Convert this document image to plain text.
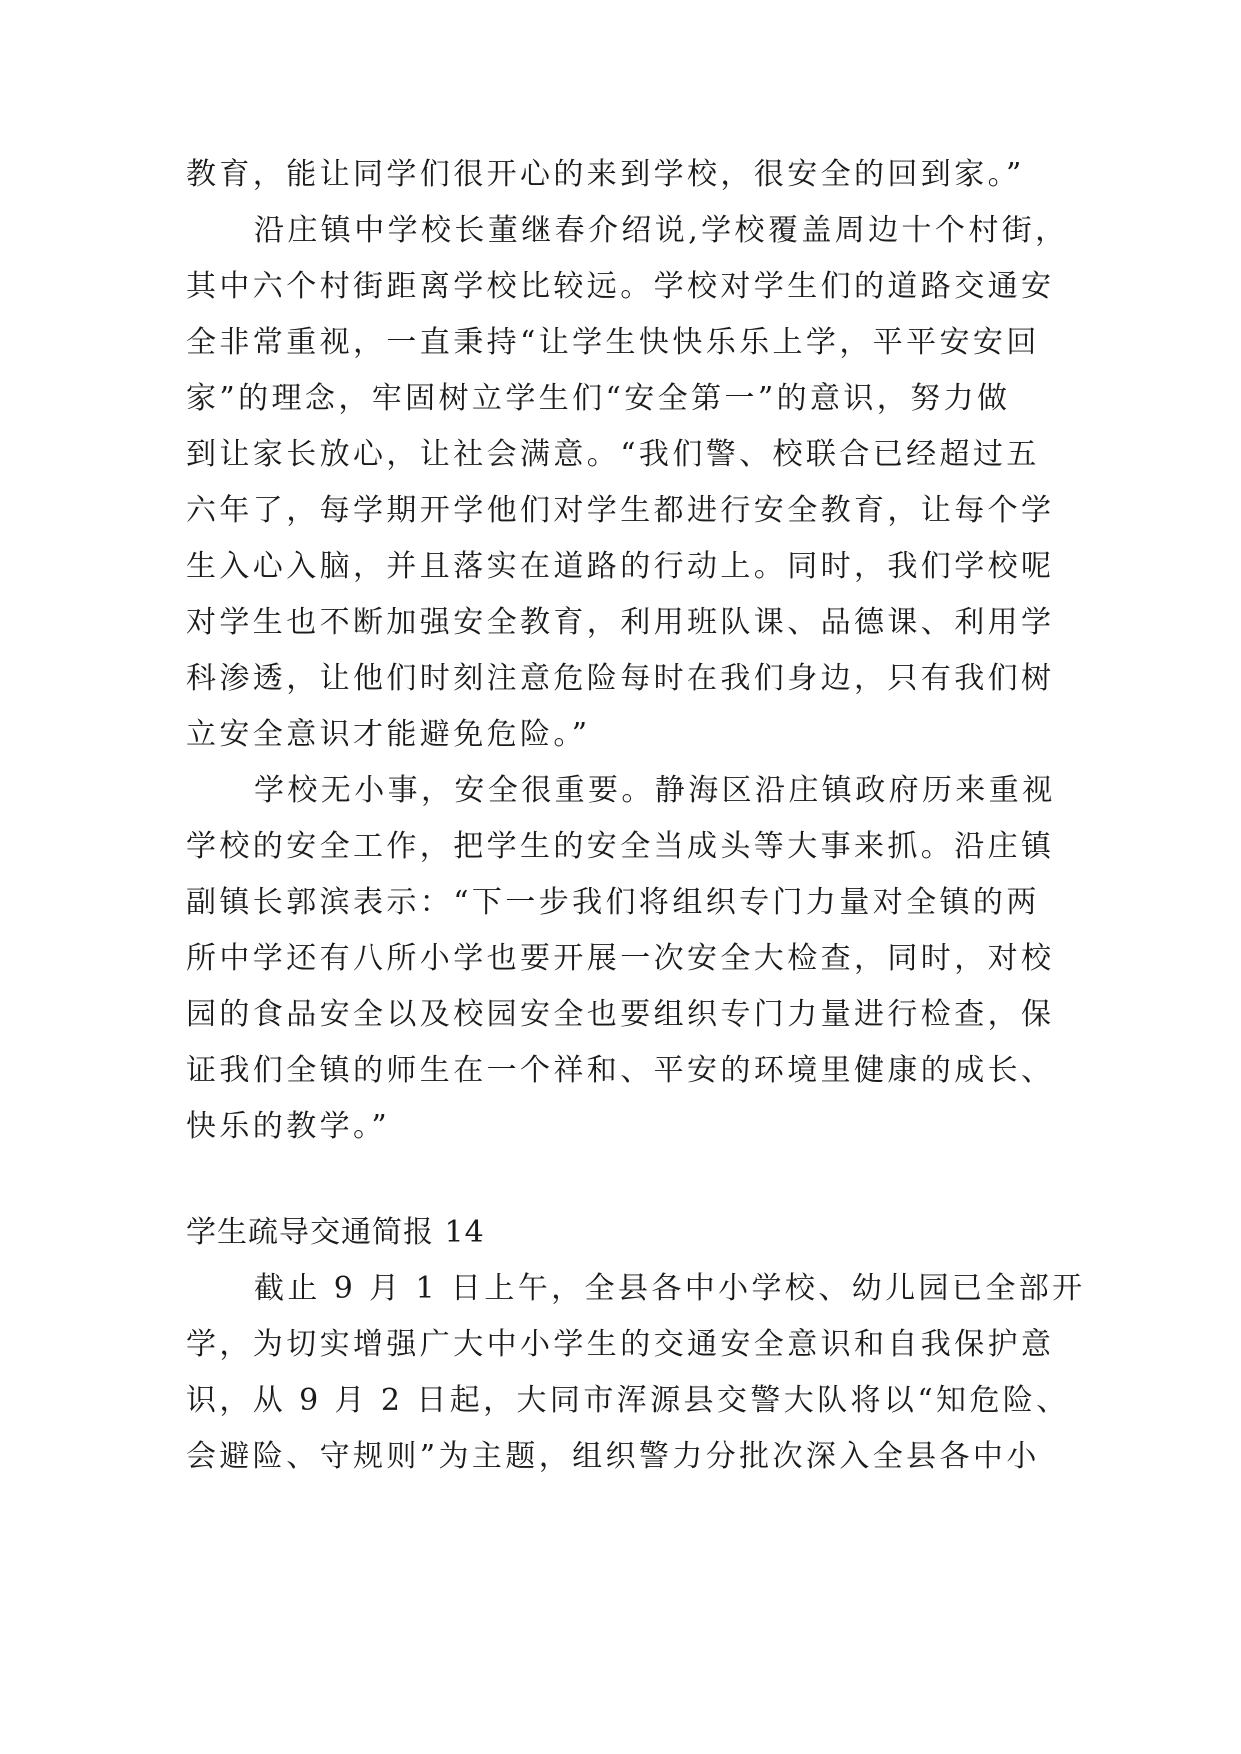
教育，能让同学们很开心的来到学校，很安全的回到家。”
沿庄镇中学校长董继春介绍说,学校覆盖周边十个村街，
其中六个村街距离学校比较远。学校对学生们的道路交通安
全非常重视，一直秉持“让学生快快乐乐上学，平平安安回
家”的理念，牢固树立学生们“安全第一”的意识，努力做
到让家长放心，让社会满意。“我们警、校联合已经超过五
六年了，每学期开学他们对学生都进行安全教育，让每个学
生入心入脑，并且落实在道路的行动上。同时，我们学校呢
对学生也不断加强安全教育，利用班队课、品德课、利用学
科渗透，让他们时刻注意危险每时在我们身边，只有我们树
立安全意识才能避免危险。”
学校无小事，安全很重要。静海区沿庄镇政府历来重视
学校的安全工作，把学生的安全当成头等大事来抓。沿庄镇
副镇长郭滨表示：“下一步我们将组织专门力量对全镇的两
所中学还有八所小学也要开展一次安全大检查，同时，对校
园的食品安全以及校园安全也要组织专门力量进行检查，保
证我们全镇的师生在一个祥和、平安的环境里健康的成长、
快乐的教学。”
学生疏导交通简报 14
截止 9 月 1 日上午，全县各中小学校、幼儿园已全部开
学，为切实增强广大中小学生的交通安全意识和自我保护意
识，从 9 月 2 日起，大同市浑源县交警大队将以“知危险、
会避险、守规则”为主题，组织警力分批次深入全县各中小
